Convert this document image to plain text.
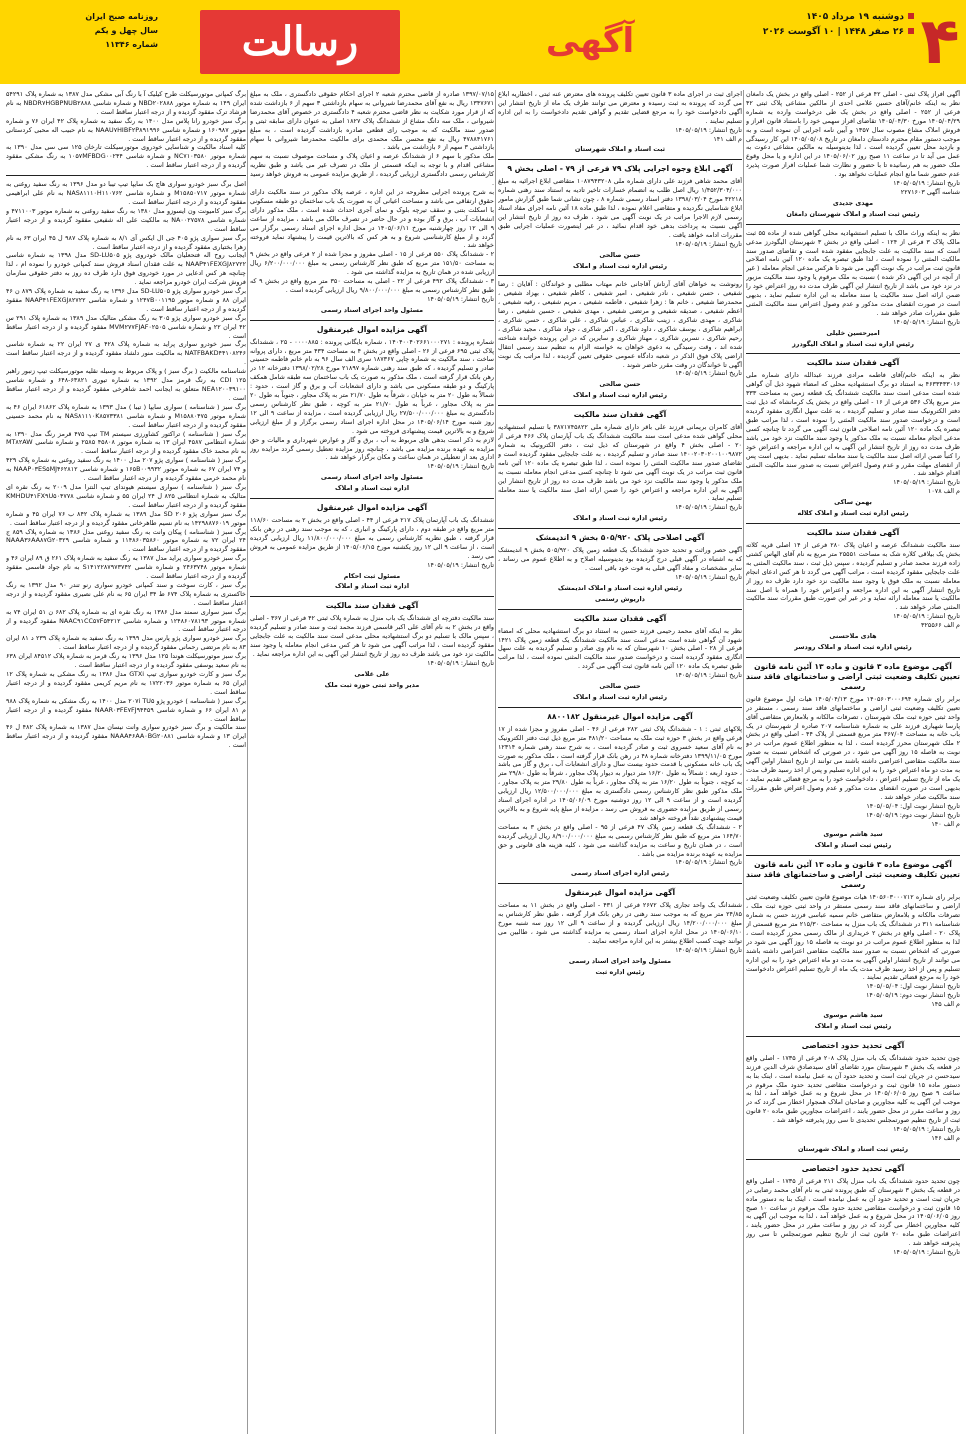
۴
دوشنبه ۱۹ مرداد ۱۴۰۵
۲۶ صفر ۱۴۴۸ | ۱۰ آگوست ۲۰۲۶
آگهی
رسالت
روزنامه صبح ایران
سال چهل و یکم
شماره ۱۱۳۴۶
آگهی افراز پلاک ثبتی - اصلی ۴۲ فرعی از ۲۵۲ - اصلی واقع در بخش یک دامغان نظر به اینکه خانم/آقای حسین غلامی احدی از مالکین مشاعی پلاک ثبتی ۴۲ فرعی از ۲۵۲ - اصلی واقع در بخش یک طی درخواست وارده به شماره ۱۴۰۵/۰۴/۲۹ مورخ ۱۴۰۵/۰۴/۳۰ تقاضای افراز سهمی خود را باستناد قانون افراز و فروش املاک مشاع مصوب سال ۱۳۵۷ و آیین نامه اجرایی آن نموده است و به موجب دستور مقام محترم دادستان دامغان در تاریخ ۱۴۰۵/۰۵/۰۸ این کار رسیدگی و بازدید محل تعیین گردیده است ، لذا بدینوسیله به مالکین مشاعی دعوت به عمل می آید تا در ساعت ۱۱ صبح روز ۱۴۰۵/۰۶/۰۲ در این اداره و یا محل وقوع ملک حضور به هم رسانیده تا با حضور و نظارت شما عملیات افراز صورت پذیرد عدم حضور شما مانع انجام عملیات نخواهد بود .
تاریخ انتشار: ۱۴۰۵/۰۵/۱۹
شناسه آگهی ۲۲۷۱۶۰۳
مهدی جدیدی
رئیس ثبت اسناد و املاک شهرستان دامغان
نظر به اینکه وراث مالک با تسلیم استشهادیه محلی گواهی شده از ماده ۵۵ ثبت مالک پلاک ۳ فرعی از ۱۲۴ - اصلی واقع در بخش ۳ شهرستان الیگودرز مدعی است که سند مالکیت به علت جابجایی مفقود شده است و تقاضای صدور سند مالکیت المثنی را نموده است ، لذا طبق تبصره یک ماده ۱۲۰ آئین نامه اصلاحی قانون ثبت مراتب در یک نوبت آگهی می شود تا هرکس مدعی انجام معامله ( غیر از آنچه در این آگهی ذکر شده ) نسبت به ملک مرقوم یا وجود سند مالکیت مزبور در نزد خود می باشد از تاریخ انتشار این آگهی ظرف مدت ده روز اعتراض خود را ضمن ارائه اصل سند مالکیت یا سند معامله به این اداره تسلیم نماید ، بدیهی است در صورت انقضای مدت مذکور و عدم وصول اعتراض سند مالکیت المثنی طبق مقررات صادر خواهد شد .
تاریخ انتشار: ۱۴۰۵/۰۵/۱۹
امیرحسین خلیلی
رئیس اداره ثبت اسناد و املاک الیگودرز
آگهی فقدان سند مالکیت
نظر به اینکه خانم/آقای فاطمه مرادی فرزند عبدالله دارای شماره ملی ۴۶۳۳۴۳۳۰۱۶ به استناد دو برگ استشهادیه محلی که امضاء شهود ذیل آن گواهی شده است مدعی است سند مالکیت ششدانگ یک قطعه زمین به مساحت ۳۳۳ متر مربع پلاک ۵۳۶ فرعی از ۱۶ - اصلی واقع در بخش یک کرمانشاه که ذیل ثبت دفتر الکترونیک سند صادر و تسلیم گردیده ، به علت سهل انگاری مفقود گردیده است و درخواست صدور سند مالکیت المثنی را نموده است ، لذا مراتب طبق تبصره یک ماده ۱۲۰ آئین نامه اصلاحی قانون ثبت آگهی می گردد تا چنانچه کسی مدعی انجام معامله نسبت به ملک مذکور یا وجود سند مالکیت نزد خود می باشد ظرف مدت ده روز از تاریخ انتشار این آگهی به این اداره مراجعه و اعتراض خود را کتباً ضمن ارائه اصل سند مالکیت یا سند معامله تسلیم نماید . بدیهی است پس از انقضای مهلت مقرر و عدم وصول اعتراض نسبت به صدور سند مالکیت المثنی اقدام خواهد شد .
تاریخ انتشار: ۱۴۰۵/۰۵/۱۹
م الف ۱۰۷۸
بهمن ساکی
رئیس اداره ثبت اسناد و املاک کلاله
آگهی فقدان سند مالکیت
سند مالکیت ششدانگ عرصه و اعیان پلاک ۲۸۰ فرعی از ۱۴ اصلی قریه کلاته بخش یک بیلاقی کلاره شک به مساحت ۲۵۵۵۱ متر مربع به نام آقای الهاس کشتی زاده فرزند محمد صادر و تسلیم گردیده ، سپس ذیل ثبت ، سند مالکیت المثنی به علت جابجایی مفقود گردیده است ، مراتب آگهی می گردد تا هر کس ادعای انجام معامله نسبت به ملک فوق یا وجود سند مالکیت نزد خود دارد ظرف ده روز از تاریخ انتشار آگهی به این اداره مراجعه و اعتراض خود را همراه با اصل سند مالکیت یا سند معامله ارائه نماید و در غیر این صورت طبق مقررات سند مالکیت المثنی صادر خواهد شد .
تاریخ انتشار: ۱۴۰۵/۰۵/۱۹
م الف ۳۲۵۵۶۶
هادی ملاحسنی
رئیس اداره ثبت اسناد و املاک رودسر
آگهی موضوع ماده ۳ قانون و ماده ۱۳ آئین نامه قانون تعیین تکلیف وضعیت ثبتی اراضی و ساختمانهای فاقد سند رسمی
برابر رای شماره ۱۴۰۵۶۰۳۰۰۰۶۹۴ مورخ ۱۴۰۵/۰۴/۱۳ هیات اول موضوع قانون تعیین تکلیف وضعیت ثبتی اراضی و ساختمانهای فاقد سند رسمی ، مستقر در واحد ثبتی حوزه ثبت ملک شهرستان ، تصرفات مالکانه و بلامعارض متقاضی آقای پارسا شهیاری فرزند علی به شماره شناسنامه ۲۰۷ صادره از شهرستان در یک باب خانه به مساحت ۳۶۷/۰۴ متر مربع قسمتی از پلاک ۴۴ - اصلی واقع در بخش ۲ ملک شهرستان محرز گردیده است ، لذا به منظور اطلاع عموم مراتب در دو نوبت به فاصله ۱۵ روز آگهی می شود ، در صورتی که اشخاص نسبت به صدور سند مالکیت متقاضی اعتراضی داشته باشند می توانند از تاریخ انتشار اولین آگهی به مدت دو ماه اعتراض خود را به این اداره تسلیم و پس از اخذ رسید ظرف مدت یک ماه از تاریخ تسلیم اعتراض ، دادخواست خود را به مرجع قضائی تقدیم نمایند ، بدیهی است در صورت انقضای مدت مذکور و عدم وصول اعتراض طبق مقررات سند مالکیت صادر خواهد شد .
تاریخ انتشار نوبت اول: ۱۴۰۵/۰۵/۰۴
تاریخ انتشار نوبت دوم: ۱۴۰۵/۰۵/۱۹
م الف ۱۴۰
سید هاشم موسوی
رئیس ثبت اسناد و املاک
آگهی موضوع ماده ۳ قانون و ماده ۱۳ آئین نامه قانون تعیین تکلیف وضعیت ثبتی اراضی و ساختمانهای فاقد سند رسمی
برابر رای شماره ۱۴۰۵۶۰۳۰۰۰۷۱۲ هیات موضوع قانون تعیین تکلیف وضعیت ثبتی اراضی و ساختمانهای فاقد سند رسمی مستقر در واحد ثبتی حوزه ثبت ملک ، تصرفات مالکانه و بلامعارض متقاضی خانم سمیه عباسی فرزند حسن به شماره شناسنامه ۳۱۱ در ششدانگ یک باب منزل به مساحت ۲۱۵/۳۰ متر مربع قسمتی از پلاک ۲۰ - اصلی واقع در بخش ۲ خریداری از مالک رسمی محرز گردیده است ، لذا به منظور اطلاع عموم مراتب در دو نوبت به فاصله ۱۵ روز آگهی می شود در صورتی که اشخاص نسبت به صدور سند مالکیت متقاضی اعتراضی داشته باشند می توانند از تاریخ انتشار اولین آگهی به مدت دو ماه اعتراض خود را به این اداره تسلیم و پس از اخذ رسید ظرف مدت یک ماه از تاریخ تسلیم اعتراض دادخواست خود را به مرجع قضائی تقدیم نمایند .
تاریخ انتشار نوبت اول: ۱۴۰۵/۰۵/۰۴
تاریخ انتشار نوبت دوم: ۱۴۰۵/۰۵/۱۹
م الف ۱۴۵
سید هاشم موسوی
رئیس ثبت اسناد و املاک
آگهی تحدید حدود اختصاصی
چون تحدید حدود ششدانگ یک باب منزل پلاک ۲۰۸ فرعی از ۱۷۳۵ - اصلی واقع در قطعه یک بخش ۳ شهرستان مورد تقاضای آقای سیدصادق شرف الدین فرزند سیدحسن در جریان ثبت است و تحدید حدود آن به عمل نیامده است ، اینک بنا به دستور ماده ۱۵ قانون ثبت و درخواست متقاضی تحدید حدود ملک مرقوم در ساعت ۹ صبح روز ۱۴۰۵/۰۶/۰۵ در محل شروع و به عمل خواهد آمد ، لذا به موجب این آگهی به کلیه مجاورین و صاحبان املاک همجوار اخطار می گردد که در روز و ساعت مقرر در محل حضور یابند ، اعتراضات مجاورین طبق ماده ۲۰ قانون ثبت از تاریخ تنظیم صورتمجلس تحدیدی تا سی روز پذیرفته خواهد شد .
تاریخ انتشار: ۱۴۰۵/۰۵/۱۹
م الف ۱۴۶
رئیس ثبت اسناد و املاک شهرستان
آگهی تحدید حدود اختصاصی
چون تحدید حدود ششدانگ یک باب منزل پلاک ۲۱۱ فرعی از ۱۷۳۵ - اصلی واقع در قطعه یک بخش ۳ شهرستان که طبق پرونده ثبتی به نام آقای محمد رضایی در جریان ثبت است و تحدید حدود آن به عمل نیامده است ، اینک بنا به دستور ماده ۱۵ قانون ثبت و درخواست متقاضی تحدید حدود ملک مرقوم در ساعت ۱۰ صبح روز ۱۴۰۵/۰۶/۰۵ در محل شروع و به عمل خواهد آمد ، لذا به موجب این آگهی به کلیه مجاورین اخطار می گردد که در روز و ساعت مقرر در محل حضور یابند ، اعتراضات طبق ماده ۲۰ قانون ثبت از تاریخ تنظیم صورتمجلس تا سی روز پذیرفته خواهد شد .
تاریخ انتشار: ۱۴۰۵/۰۵/۱۹
اجرای ثبت در اجرای ماده ۳ قانون تعیین تکلیف پرونده های معترض عنه ثبتی ، اخطاریه ابلاغ می گردد که پرونده به ثبت رسیده و معترض می توانند ظرف یک ماه از تاریخ انتشار این آگهی دادخواست خود را به مرجع قضایی تقدیم و گواهی تقدیم دادخواست را به این اداره تسلیم نمایند .
تاریخ انتشار: ۱۴۰۵/۰۵/۱۹
م الف ۱۴۱
ثبت اسناد و املاک شهرستان
آگهی ابلاغ وجوه اجرایی پلاک ۷۹ فرعی از ۷۹ - اصلی بخش ۹
آقای محمد شاهی فرزند علی دارای شماره ملی ۱۰۸۷۹۴۳۲۰۸ متقاضی ابلاغ اجرائیه به مبلغ ۱/۴۵۲/۳۰۴/۰۰۰ ریال اصل طلب به انضمام خسارات تاخیر تادیه به استناد سند رهنی شماره ۴۲۲۱۸ مورخ ۱۳۹۸/۰۳/۰۴ دفتر اسناد رسمی شماره ۸ ، چون نشانی شما طبق گزارش مامور ابلاغ شناسایی نگردیده و متقاضی اعلام نموده ، لذا طبق ماده ۱۸ آئین نامه اجرای مفاد اسناد رسمی لازم الاجرا مراتب در یک نوبت آگهی می شود ، ظرف ده روز از تاریخ انتشار این آگهی نسبت به پرداخت بدهی خود اقدام نمائید ، در غیر اینصورت عملیات اجرایی طبق مقررات ادامه خواهد یافت .
تاریخ انتشار: ۱۴۰۵/۰۵/۱۹
حسن صالحی
رئیس اداره ثبت اسناد و املاک
رونوشت به خواهان آقای آرتاش آقاجانی خانم مهتاب مطلبی و خواندگان : آقایان : رضا شفیعی ، حسن شفیعی ، نادر شفیعی ، امیر شفیعی ، کاظم شفیعی ، بهزاد شفیعی ، محمدرضا شفیعی ، خانم ها : زهرا شفیعی ، فاطمه شفیعی ، مریم شفیعی ، رقیه شفیعی ، اعظم شفیعی ، صدیقه شفیعی و مرتضی شفیعی ، مهدی شفیعی ، حسین شفیعی ، رضا شاکری ، مهدی شاکری ، زینب شاکری ، عباس شاکری ، علی شاکری ، حسن شاکری ، ابراهیم شاکری ، یوسف شاکری ، داود شاکری ، اکبر شاکری ، جواد شاکری ، مجید شاکری ، رحیم شاکری ، نسرین شاکری ، مهناز شاکری و سایرین که در این پرونده خوانده شناخته شده اند ، وقت رسیدگی به دعوی خواهان به خواسته الزام به تنظیم سند رسمی انتقال اراضی پلاک فوق الذکر در شعبه دادگاه عمومی حقوقی تعیین گردیده ، لذا مراتب یک نوبت آگهی تا خواندگان در وقت مقرر حاضر شوند .
تاریخ انتشار: ۱۴۰۵/۰۵/۱۹
حسن صالحی
رئیس اداره ثبت اسناد و املاک
آگهی فقدان سند مالکیت
آقای کامران بریمانی فرزند علی باقر دارای شماره ملی ۳۸۷۱۷۴۵۸۲۲ با تسلیم استشهادیه محلی گواهی شده مدعی است سند مالکیت ششدانگ یک باب آپارتمان پلاک ۴۶۶ فرعی از ۲۰ - اصلی بخش ۴ واقع در شهرستان که ذیل ثبت ، دفتر الکترونیک به شماره ۱۴۰۰۲۰۳۰۲۰۰۱۰۰۹۸۷۲ سند صادر و تسلیم گردیده ، به علت جابجایی مفقود گردیده است و تقاضای صدور سند مالکیت المثنی را نموده است ، لذا طبق تبصره یک ماده ۱۲۰ آئین نامه قانون ثبت مراتب در یک نوبت آگهی می شود تا چنانچه کسی مدعی انجام معامله نسبت به ملک مذکور یا وجود سند مالکیت نزد خود می باشد ظرف مدت ده روز از تاریخ انتشار این آگهی به این اداره مراجعه و اعتراض خود را ضمن ارائه اصل سند مالکیت یا سند معامله تسلیم نماید .
تاریخ انتشار: ۱۴۰۵/۰۵/۱۹
رئیس اداره ثبت اسناد و املاک
آگهی اصلاحی پلاک ۵۰۵/۹۲۰ بخش ۹ اندیمشک
آگهی حصر وراثت و تحدید حدود ششدانگ یک قطعه زمین پلاک ۵۰۵/۹۲۰ بخش ۹ اندیمشک که به اشتباه در آگهی قبلی درج گردیده بود بدینوسیله اصلاح و به اطلاع عموم می رساند ، سایر مشخصات و مفاد آگهی قبلی به قوت خود باقی است .
تاریخ انتشار: ۱۴۰۵/۰۵/۱۹
رئیس اداره ثبت اسناد و املاک اندیمشک
داریوش رستمی
آگهی فقدان سند مالکیت
نظر به اینکه آقای محمد رحیمی فرزند حسین به استناد دو برگ استشهادیه محلی که امضاء شهود آن گواهی شده است مدعی است سند مالکیت ششدانگ یک قطعه زمین پلاک ۱۴۲۱ فرعی از ۲۸ - اصلی بخش ۱۰ شهرستان که به نام وی صادر و تسلیم گردیده به علت سهل انگاری مفقود گردیده است و درخواست صدور سند مالکیت المثنی نموده است ، لذا مراتب طبق تبصره یک ماده ۱۲۰ آئین نامه قانون ثبت آگهی می گردد .
تاریخ انتشار: ۱۴۰۵/۰۵/۱۹
حسن صالحی
رئیس اداره ثبت اسناد و املاک
آگهی مزایده اموال غیرمنقول ۸۸۰۰۱۸۲
پلاکهای ثبتی : ۱ - ششدانگ پلاک ثبتی ۲۸۲ فرعی از ۴۶ - اصلی مفروز و مجزا شده از ۱۷ فرعی واقع در بخش ۳ حوزه ثبت ملک به مساحت ۴۸۱/۲۰ متر مربع ذیل ثبت دفتر الکترونیک به نام آقای سعید خسروی ثبت و صادر گردیده است ، به شرح سند رهنی شماره ۱۲۳۱۴ مورخ ۱۳۹۹/۱۱/۰۵ دفترخانه شماره ۴۸ در رهن بانک قرار گرفته است ، ملک مذکور به صورت یک باب خانه مسکونی با قدمت حدود بیست سال و دارای انشعابات آب ، برق و گاز می باشد ، حدود اربعه : شمالاً به طول ۱۶/۲۰ متر دیوار به دیوار پلاک مجاور ، شرقاً به طول ۲۹/۸۰ متر به کوچه ، جنوباً به طول ۱۶/۲۰ متر به پلاک مجاور ، غرباً به طول ۲۹/۸۰ متر به پلاک مجاور ، ملک مذکور طبق نظر کارشناس رسمی دادگستری به مبلغ ۱۲/۵۰۰/۰۰۰/۰۰۰ ریال ارزیابی گردیده است و از ساعت ۹ الی ۱۲ روز دوشنبه مورخ ۱۴۰۵/۰۶/۰۹ در اداره اجرای اسناد رسمی از طریق مزایده حضوری به فروش می رسد ، مزایده از مبلغ پایه شروع و به بالاترین قیمت پیشنهادی نقداً فروخته خواهد شد .
۲ - ششدانگ یک قطعه زمین پلاک ۴۷ فرعی از ۹۵ - اصلی واقع در بخش ۳ به مساحت ۱۶۴/۷۰ متر مربع که طبق نظر کارشناس رسمی به مبلغ ۸/۹۰۰/۰۰۰/۰۰۰ ریال ارزیابی گردیده است ، در همان تاریخ و ساعت به مزایده گذاشته می شود ، کلیه هزینه های قانونی و حق مزایده به عهده برنده مزایده می باشد .
تاریخ انتشار: ۱۴۰۵/۰۵/۱۹
رئیس اداره اجرای اسناد رسمی
آگهی مزایده اموال غیرمنقول
ششدانگ یک واحد تجاری پلاک ۲۶۷۲ فرعی از ۴۳۱ - اصلی واقع در بخش ۱۱ به مساحت ۲۴/۸۵ متر مربع که به موجب سند رهنی در رهن بانک قرار گرفته ، طبق نظر کارشناس به مبلغ ۱۴/۲۰۰/۰۰۰/۰۰۰ ریال ارزیابی گردیده و از ساعت ۹ الی ۱۲ روز سه شنبه مورخ ۱۴۰۵/۰۶/۱۰ در محل اداره اجرای اسناد رسمی به مزایده گذاشته می شود ، طالبین می توانند جهت کسب اطلاع بیشتر به این اداره مراجعه نمایند .
تاریخ انتشار: ۱۴۰۵/۰۵/۱۹
مسئول واحد اجرای اسناد رسمی
رئیس اداره ثبت
۱۳۹۷/۰۷/۱۵ صادره از قاضی محترم شعبه ۲ اجرای احکام حقوقی دادگستری ، ملک به مبلغ ۱۳۴۷۶۷۱ ریال به نفع آقای محمدرضا شیروانی به سهام بازداشتی ۳ سهم از ۶ بازداشت شده که از قرار مورد شکایت به نظر قاضی محترم شعبه ۴ دادگستری در خصوص آقای محمدرضا شیروانی ، ملک سه دانگ مشاع از ششدانگ پلاک ۱۸۲۷ اصلی به عنوان دارای سابقه ثبتی و صدور سند مالکیت که به موجب رای قطعی صادره بازداشت گردیده است ، به مبلغ ۴۷۸۸۴۱۷۶۱ ریال به نفع محسن ملک محمدی برای مالکیت محمدرضا شیروانی با سهام بازداشتی ۳ سهم از ۶ بازداشت می باشد .
ملک مذکور با سهم ۶ از ششدانگ عرصه و اعیان پلاک و مساحت موصوف نسبت به سهم مشاعی اقدام و با توجه به اینکه قسمتی از ملک در تصرف غیر می باشد و طبق نظریه کارشناس رسمی دادگستری ارزیابی گردیده ، از طریق مزایده عمومی به فروش خواهد رسید .
به شرح پرونده اجرایی مطروحه در این اداره ، عرصه پلاک مذکور در سند مالکیت دارای حقوق ارتفاقی می باشد و مساحت اعیانی آن به صورت یک باب ساختمان دو طبقه مسکونی با اسکلت بتنی و سقف تیرچه بلوک و نمای آجری احداث شده است ، ملک مذکور دارای انشعابات آب ، برق و گاز بوده و در حال حاضر در تصرف مالک می باشد ، مزایده از ساعت ۹ الی ۱۲ روز چهارشنبه مورخ ۱۴۰۵/۰۶/۱۱ در محل اداره اجرای اسناد رسمی برگزار می گردد و از مبلغ کارشناسی شروع و به هر کس که بالاترین قیمت را پیشنهاد نماید فروخته خواهد شد .
۲ - ششدانگ پلاک ۵۵۰ فرعی از ۱۵ - اصلی مفروز و مجزا شده از ۲ فرعی واقع در بخش ۹ به مساحت ۱۵۱/۵۰ متر مربع که طبق نظر کارشناس رسمی به مبلغ ۶/۲۰۰/۰۰۰/۰۰۰ ریال ارزیابی شده در همان تاریخ به مزایده گذاشته می شود .
۳ - ششدانگ پلاک ۴۹۲ فرعی از ۲۲ - اصلی به مساحت ۳۵۰ متر مربع واقع در بخش ۹ که طبق نظر کارشناس رسمی به مبلغ ۹/۸۰۰/۰۰۰/۰۰۰ ریال ارزیابی گردیده است .
تاریخ انتشار: ۱۴۰۵/۰۵/۱۹
مسئول واحد اجرای اسناد رسمی
آگهی مزایده اموال غیرمنقول
شماره پرونده : ۱۴۰۴۰۰۴۰۲۶۶۱۰۰۰۲۷۱ ، شماره بایگانی پرونده : ۰۰۰۰۸۸۵ - ۲۵ ، ششدانگ پلاک ثبتی ۶۹۵ فرعی از ۲۶ - اصلی واقع در بخش ۴ به مساحت ۴۳۴ متر مربع ، دارای پروانه ساخت ، سند مالکیت به شماره چاپی ۱۸۷۳۶۷ سری الف سال ۹۶ به نام خانم فاطمه حسینی صادر و تسلیم گردیده ، که طبق سند رهنی شماره ۲۱۸۹۷ مورخ ۱۳۹۸/۰۲/۲۸ دفترخانه ۱۲ در رهن بانک قرار گرفته است ، ملک مذکور به صورت یک باب ساختمان سه طبقه شامل همکف پارکینگ و دو طبقه مسکونی می باشد و دارای انشعابات آب و برق و گاز است ، حدود : شمالاً به طول ۲۰ متر به خیابان ، شرقاً به طول ۲۱/۷۰ متر به پلاک مجاور ، جنوباً به طول ۲۰ متر به پلاک مجاور ، غرباً به طول ۲۱/۷۰ متر به کوچه ، طبق نظر کارشناس رسمی دادگستری به مبلغ ۲۷/۵۰۰/۰۰۰/۰۰۰ ریال ارزیابی گردیده است ، مزایده از ساعت ۹ الی ۱۲ روز شنبه مورخ ۱۴۰۵/۰۶/۱۴ در محل اداره اجرای اسناد رسمی برگزار و از مبلغ ارزیابی شروع و به بالاترین قیمت پیشنهادی فروخته می شود .
لازم به ذکر است بدهی های مربوط به آب ، برق و گاز و عوارض شهرداری و مالیات و حق مزایده به عهده برنده مزایده می باشد ، چنانچه روز مزایده تعطیل رسمی گردد مزایده روز اداری بعد از تعطیلی در همان ساعت و مکان برگزار خواهد شد .
تاریخ انتشار: ۱۴۰۵/۰۵/۱۹
مسئول واحد اجرای اسناد رسمی
اداره ثبت اسناد و املاک
آگهی مزایده اموال غیرمنقول
ششدانگ یک باب آپارتمان پلاک ۲۱۷ فرعی از ۴۴ - اصلی واقع در بخش ۲ به مساحت ۱۱۸/۶۰ متر مربع واقع در طبقه دوم ، دارای پارکینگ و انباری ، که به موجب سند رهنی در رهن بانک قرار گرفته ، طبق نظریه کارشناس رسمی به مبلغ ۱۱/۸۰۰/۰۰۰/۰۰۰ ریال ارزیابی گردیده است ، از ساعت ۹ الی ۱۲ روز یکشنبه مورخ ۱۴۰۵/۰۶/۱۵ از طریق مزایده عمومی به فروش می رسد .
تاریخ انتشار: ۱۴۰۵/۰۵/۱۹
مسئول ثبت احکام
اداره ثبت اسناد و املاک
آگهی فقدان سند مالکیت
سند مالکیت دفترچه ای ششدانگ یک باب منزل به شماره پلاک ثبتی ۴۲ فرعی از ۳۶۷ - اصلی واقع در بخش ۲ به نام آقای علی اکبر قاسمی فرزند محمد ثبت و سند صادر و تسلیم گردیده ، سپس مالک با تسلیم دو برگ استشهادیه محلی مدعی است سند مالکیت به علت جابجایی مفقود گردیده است ، لذا مراتب آگهی می شود تا هر کس مدعی انجام معامله یا وجود سند مالکیت نزد خود می باشد ظرف ده روز از تاریخ انتشار این آگهی به این اداره مراجعه نماید .
تاریخ انتشار: ۱۴۰۵/۰۵/۱۹
علی غلامی
مدیر واحد ثبتی حوزه ثبت ملک
برگ کمپانی موتورسیکلت طرح کیلیک آ با رنگ آبی مشکی مدل ۱۳۸۷ به شماره پلاک ۵۴۲۹۱ ایران ۱۴۹ به شماره موتور NBD۲۰۲۸۸۸ و شماره شاسی NBDR۷HGBPNUB۲۸۸۸ به نام فرشاد ترک مفقود گردیده و از درجه اعتبار ساقط است .
برگ سبز خودرو رانا پلاس مدل ۱۴۰۰ به رنگ سفید به شماره پلاک ۴۲ ایران ۷۶ و شماره موتور ۱۶۰۹۸۷ و شماره شاسی NAAU۷HIBF۲P۸۹۱۹۹۶ به نام حبیب اله محبی کردستانی مفقود گردیده و از درجه اعتبار ساقط است .
کلیه اسناد مالکیت و شناسایی خودروی موتورسیکلت تارخان ۱۲۵ سی سی مدل ۱۳۹۰ به شماره موتور NC۷۱۰۳۵۸۰ و شماره شاسی ۱۰۵۷MFBDG۰۰۲۴۴ به رنگ مشکی مفقود گردیده و از درجه اعتبار ساقط است .
اصل برگ سبز خودرو سواری هاچ بک سایپا تیپ تیبا دو مدل ۱۳۹۶ به رنگ سفید روغنی به شماره موتور M۱۵۸۵۰۷۱۷ و شماره شاسی NAS۸۱۱۱۰H۱۱۰۷۶۲ به نام علی ابراهیمی مفقود گردیده و از درجه اعتبار ساقط است .
برگ سبز کامیونت ون ایسوزو مدل ۱۳۸۰ به رنگ سفید روغنی به شماره موتور ۴۷۱۱۰۰۳ و شماره شاسی NA۰۰۲۷۵۷۸ به مالکیت علی اله شفیعی مفقود گردیده و از درجه اعتبار ساقط است .
برگ سبز سواری پژو ۴۰۵ جی ال ایکس آی ۸/۱ به شماره پلاک ۹۸۷ ل ۴۵ ایران ۶۳ به نام زهرا بختیاری مفقود گردیده و از درجه اعتبار ساقط است .
ایجانب روح اله فتحعلیان مالک خودروی پژو SD-LU۵۰۵ مدل ۱۳۹۸ به شماره شاسی NAAP۴۱FEXGJ۸۲۷۲۲ به علت فقدان اسناد فروش سند کمپانی خودرو را نموده ام ، لذا چنانچه هر کس ادعایی در مورد خودروی فوق دارد ظرف ده روز به دفتر حقوقی سازمان فروش شرکت ایران خودرو مراجعه نماید .
برگ سبز خودرو سواری پژو SD-LU۵۰۵ مدل ۱۳۹۶ به رنگ سفید به شماره پلاک ۸۷۹ ن ۴۶ ایران ۸۸ و شماره موتور ۱۲۴۷B۰۰۱۱۹۵ و شماره شاسی NAAP۴۱FEXGJ۸۲۷۲۲ مفقود گردیده و از درجه اعتبار ساقط است .
برگ سبز خودرو سواری پژو ۳۰۵ به رنگ مشکی متالیک مدل ۱۳۸۹ به شماره پلاک ۲۹۱ س ۴۲ ایران ۲۲ و شماره شاسی MVM۲۷۷FJAF۰۲۵۰۵ مفقود گردیده و از درجه اعتبار ساقط است .
برگ سبز خودرو سواری پراید به شماره پلاک ۴۲۸ ی ۲۷ ایران ۲۲ به شماره شاسی NATFBAKD۴۴۱۰۸۲۴۶ به مالکیت منور دلشاد مفقود گردیده و از درجه اعتبار ساقط است .
شناسنامه مالکیت ( برگ سبز ) و پلاک مربوط به وسیله نقلیه موتورسیکلت تیپ زنبور راهبر ۱۲۵ CDI به رنگ قرمز مدل ۱۳۹۲ به شماره تیوری ۶۳۸۲۱-۶۴۸ و شماره شاسی NEA۱۲۰۰۳۹۱۰۰ متعلق به ایجانب احمد شاهرخی مفقود گردیده و از درجه اعتبار ساقط است .
برگ سبز ( شناسنامه ) سواری سایپا ( تیبا ) مدل ۱۳۹۳ به شماره پلاک ۶۱۸۶۲ ایران ۴۶ به شماره موتور M۱۵۸۸۰۴۷۵ و شماره شاسی NAS۸۱۱۱۰K۸۵۷۳۳۸۱ به نام محمد حسینی مفقود گردیده و از درجه اعتبار ساقط است .
برگ سبز ( شناسنامه ) تراکتور کشاورزی سیستم TM تیپ ۴۷۵ قرمز رنگ مدل ۱۳۹۰ به شماره انتظامی ۴۵۸۷ ایران ۱۳ به شماره موتور ۴۵۸۰۸ ۲۵۸۵ و شماره شاسی MT۸۲AW به نام محمد خاک مفقود گردیده و از درجه اعتبار ساقط است .
برگ سبز ( شناسنامه ) سواری پژو ۲۰۷ مدل ۱۴۰۰ به رنگ سفید روغنی به شماره پلاک ۴۲۹ و ۷۴ ایران ۶۷ به شماره موتور ۱۶۵B۰۰۹۹۳۲ و شماره شاسی NAAP۰۳ES۵MJ۴۶۲۸۱۲ به نام محمد خرمی مفقود گردیده و از درجه اعتبار ساقط است .
برگ سبز ( شناسنامه ) سواری سیستم هیوندای تیپ النترا مدل ۲۰۰۹ به رنگ نقره ای متالیک به شماره انتظامی ۸۲۵ ل ۲۴ ایران ۵۵ و شماره شاسی KMHDU۴۱FX۹U۵۰۴۷۷۸ مفقود گردیده و از درجه اعتبار ساقط است .
برگ سبز سواری پژو ۲۰۶ SD مدل ۱۳۸۹ به شماره پلاک ۸۴۲ ب ۷۶ ایران ۴۵ و شماره موتور ۱۴۲۹۸۸۷۶۰۱۹ به نام نسیم طاهرخانی مفقود گردیده و از درجه اعتبار ساقط است .
برگ سبز ( شناسنامه ) پیکان وانت به رنگ سفید روغنی مدل ۱۳۸۶ به شماره پلاک ۸۵۹ ج ۲۴ ایران ۷۲ به شماره موتور ۱۱۴۸۶۰۳۵۸۶۰ و شماره شاسی NAAA۳۶AA۸۷G۲۰۳۲۹ مفقود گردیده و از درجه اعتبار ساقط است .
برگ سبز خودرو سواری پراید مدل ۱۳۸۷ به رنگ سفید به شماره پلاک ۲۶۱ ق ۸۹ ایران ۴۶ و شماره موتور ۲۴۶۳۷۴۸ و شماره شاسی S۱۴۱۲۲۸۷۹۷۳۷۴۲ به نام جواد قاسمی مفقود گردیده و از درجه اعتبار ساقط است .
برگ سبز ، کارت سوخت و سند کمپانی خودرو سواری رنو تندر ۹۰ مدل ۱۳۹۲ به رنگ خاکستری به شماره پلاک ۶۷۴ ط ۳۴ ایران ۶۵ به نام علی نصیری مفقود گردیده و از درجه اعتبار ساقط است .
برگ سبز سواری سمند مدل ۱۳۸۶ به رنگ نقره ای به شماره پلاک ۶۸۲ ن ۵۱ ایران ۷۴ به شماره موتور ۱۲۴۸۶۰۷۸۱۹۳ و شماره شاسی NAAC۹۱CC۵۷F۵۴۲۱۲ مفقود گردیده و از درجه اعتبار ساقط است .
برگ سبز خودرو سواری پژو پارس مدل ۱۳۹۹ به رنگ سفید به شماره پلاک ۲۳۹ د ۸۱ ایران ۸۳ به نام مرتضی رحمانی مفقود گردیده و از درجه اعتبار ساقط است .
برگ سبز موتورسیکلت هوندا ۱۲۵ مدل ۱۳۹۶ به رنگ قرمز به شماره پلاک ۸۴۵۱۲ ایران ۶۳۸ به نام سعید یوسفی مفقود گردیده و از درجه اعتبار ساقط است .
برگ سبز و کارت خودرو سواری تیپ GTXi مدل ۱۳۸۶ به رنگ مشکی به شماره پلاک ۱۲ ایران ۶۵ به شماره موتور ۱۷۲۲۰۳۶ به نام مریم کریمی مفقود گردیده و از درجه اعتبار ساقط است .
برگ سبز ( شناسنامه ) خودرو پژو ۲۰۷i TU۵ مدل ۱۴۰۰ به رنگ مشکی به شماره پلاک ۹۸۸ م ۸۱ ایران ۶۶ و شماره شاسی NAAR۰۳FE۷FJ۹۴۴۵۹ مفقود گردیده و از درجه اعتبار ساقط است .
سند مالکیت و برگ سبز خودرو سواری وانت نیسان مدل ۱۳۸۷ به شماره پلاک ۴۸۲ ل ۴۶ ایران ۱۳ و شماره شاسی NAAA۴۶AA۰BG۲۰۸۸۱ مفقود گردیده و از درجه اعتبار ساقط است .
